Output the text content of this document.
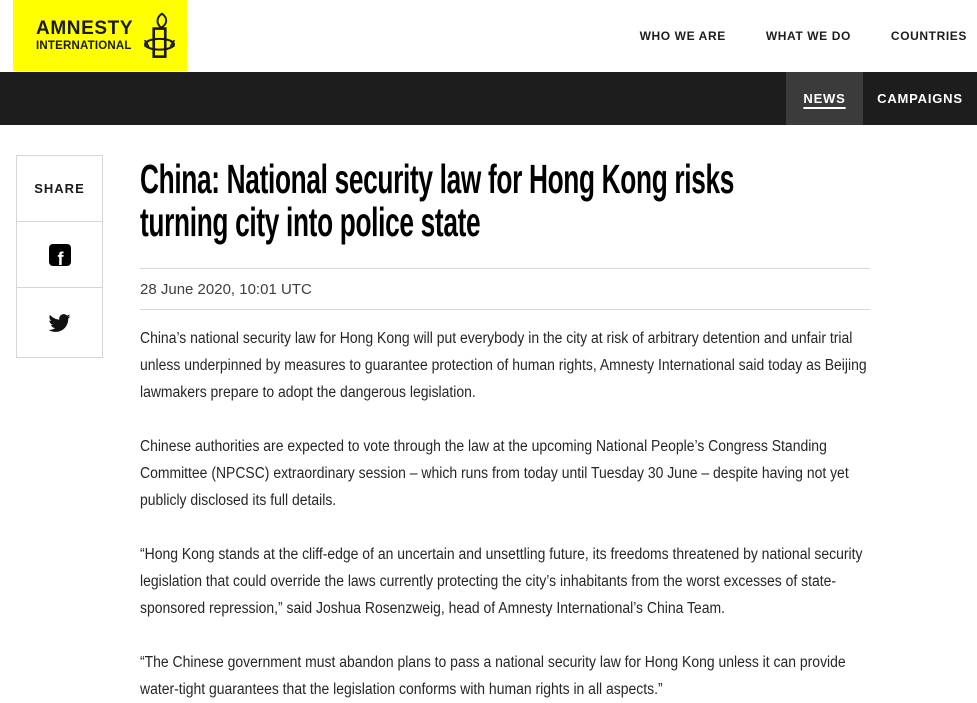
AMNESTY
INTERNATIONAL
WHO WE ARE	WHAT WE DO	COUNTRIES
NEWS	CAMPAIGNS
SHARE
f
China: National security law for Hong Kong risks
turning city into police state
28 June 2020, 10:01 UTC

China’s national security law for Hong Kong will put everybody in the city at risk of arbitrary detention and unfair trial unless underpinned by measures to guarantee protection of human rights, Amnesty International said today as Beijing lawmakers prepare to adopt the dangerous legislation.

Chinese authorities are expected to vote through the law at the upcoming National People’s Congress Standing Committee (NPCSC) extraordinary session – which runs from today until Tuesday 30 June – despite having not yet publicly disclosed its full details.

“Hong Kong stands at the cliff-edge of an uncertain and unsettling future, its freedoms threatened by national security legislation that could override the laws currently protecting the city’s inhabitants from the worst excesses of state-sponsored repression,” said Joshua Rosenzweig, head of Amnesty International’s China Team.

“The Chinese government must abandon plans to pass a national security law for Hong Kong unless it can provide water-tight guarantees that the legislation conforms with human rights in all aspects.”
